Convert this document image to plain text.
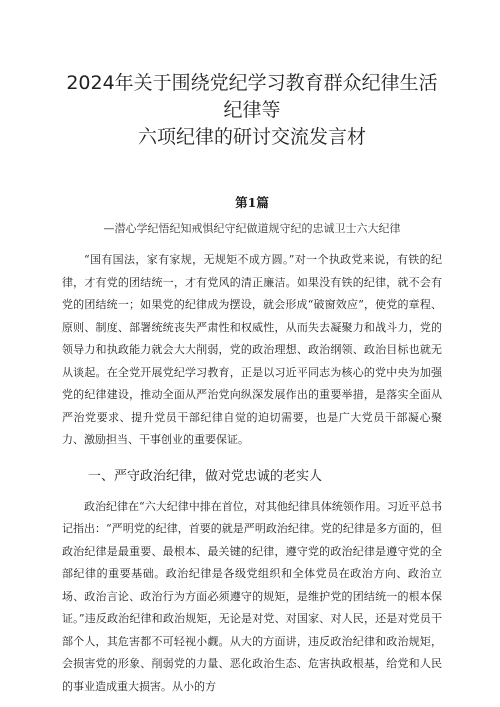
2024年关于围绕党纪学习教育群众纪律生活纪律等
六项纪律的研讨交流发言材

第1篇

—潜心学纪悟纪知戒惧纪守纪做道规守纪的忠诚卫士六大纪律

“国有国法，家有家规，无规矩不成方圆。”对一个执政党来说，有铁的纪律，才有党的团结统一，才有党风的清正廉洁。如果没有铁的纪律，就不会有党的团结统一；如果党的纪律成为摆设，就会形成“破窗效应”，使党的章程、原则、制度、部署统统丧失严肃性和权威性，从而失去凝聚力和战斗力，党的领导力和执政能力就会大大削弱，党的政治理想、政治纲领、政治目标也就无从谈起。在全党开展党纪学习教育，正是以习近平同志为核心的党中央为加强党的纪律建设，推动全面从严治党向纵深发展作出的重要举措，是落实全面从严治党要求、提升党员干部纪律自觉的迫切需要，也是广大党员干部凝心聚力、激励担当、干事创业的重要保证。

一、严守政治纪律，做对党忠诚的老实人

政治纪律在“六大纪律中排在首位，对其他纪律具体统领作用。习近平总书记指出：“严明党的纪律，首要的就是严明政治纪律。党的纪律是多方面的，但政治纪律是最重要、最根本、最关键的纪律，遵守党的政治纪律是遵守党的全部纪律的重要基础。政治纪律是各级党组织和全体党员在政治方向、政治立场、政治言论、政治行为方面必须遵守的规矩，是维护党的团结统一的根本保证。”违反政治纪律和政治规矩，无论是对党、对国家、对人民，还是对党员干部个人，其危害都不可轻视小觑。从大的方面讲，违反政治纪律和政治规矩，会损害党的形象、削弱党的力量、恶化政治生态、危害执政根基，给党和人民的事业造成重大损害。从小的方
